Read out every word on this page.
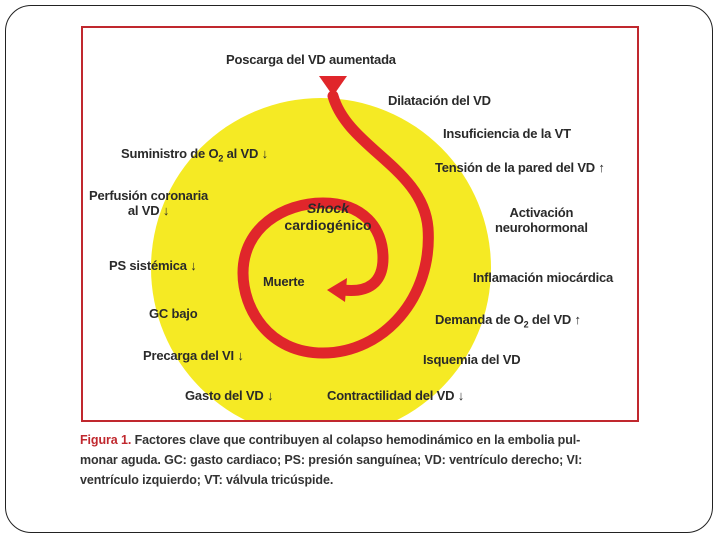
Poscarga del VD aumentada
Dilatación del VD
Insuficiencia de la VT
Tensión de la pared del VD ↑
Activación
neurohormonal
Inflamación miocárdica
Demanda de $O_2$ del VD ↑
Isquemia del VD
Contractilidad del VD ↓
Suministro de $O_2$ al VD ↓
Perfusión coronaria
al VD ↓
PS sistémica ↓
GC bajo
Precarga del VI ↓
Gasto del VD ↓
Shock
cardiogénico
Muerte
Figura 1. Factores clave que contribuyen al colapso hemodinámico en la embolia pul-
monar aguda. GC: gasto cardiaco; PS: presión sanguínea; VD: ventrículo derecho; VI:
ventrículo izquierdo; VT: válvula tricúspide.
